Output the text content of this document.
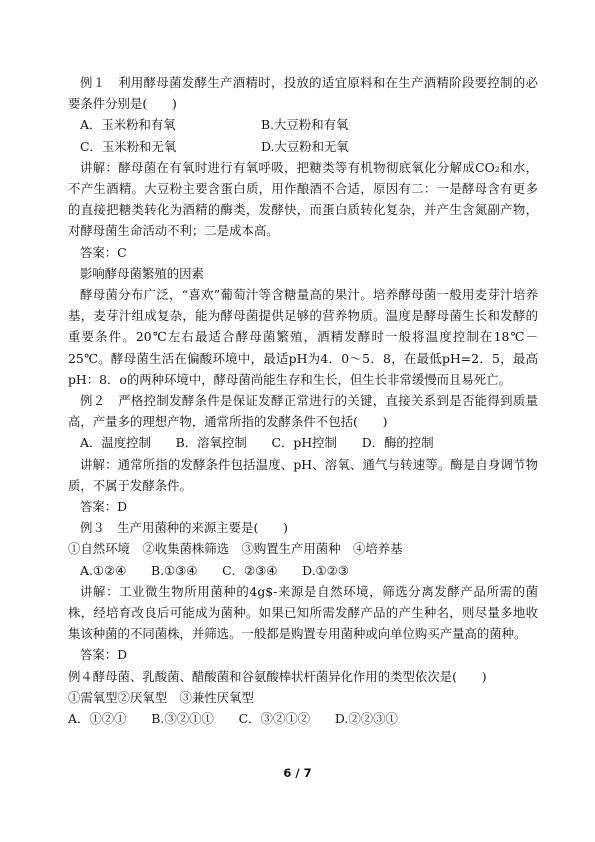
例１　利用酵母菌发酵生产酒精时，投放的适宜原料和在生产酒精阶段要控制的必要条件分别是(　　)

A．玉米粉和有氧	B.大豆粉和有氧

C．玉米粉和无氧	D.大豆粉和无氧

讲解：酵母菌在有氧时进行有氧呼吸，把糖类等有机物彻底氧化分解成CO₂和水，不产生酒精。大豆粉主要含蛋白质，用作酿酒不合适，原因有二：一是酵母含有更多的直接把糖类转化为酒精的酶类，发酵快，而蛋白质转化复杂，并产生含氮副产物，对酵母菌生命活动不利；二是成本高。

答案：C

影响酵母菌繁殖的因素

酵母菌分布广泛，“喜欢”葡萄汁等含糖量高的果汁。培养酵母菌一般用麦芽汁培养基，麦芽汁组成复杂，能为酵母菌提供足够的营养物质。温度是酵母菌生长和发酵的重要条件。20℃左右最适合酵母菌繁殖，酒精发酵时一般将温度控制在18℃－25℃。酵母菌生活在偏酸环境中，最适pH为4．0～5．8，在最低pH=2．5，最高pH：8．o的两种环境中，酵母菌尚能生存和生长，但生长非常缓慢而且易死亡。

例２　严格控制发酵条件是保证发酵正常进行的关键，直接关系到是否能得到质量高，产量多的理想产物，通常所指的发酵条件不包括(　　)

A．温度控制　　B．溶氧控制　　C．pH控制　　D．酶的控制

讲解：通常所指的发酵条件包括温度、pH、溶氧、通气与转速等。酶是自身调节物质，不属于发酵条件。

答案：D

例３　生产用菌种的来源主要是(　　)

①自然环境　②收集菌株筛选　③购置生产用菌种　④培养基

A.①②④　　B.①③④　　C．②③④　　D.①②③

讲解：工业微生物所用菌种的4g$-来源是自然环境，筛选分离发酵产品所需的菌株，经培育改良后可能成为菌种。如果已知所需发酵产品的产生种名，则尽量多地收集该种菌的不同菌株，并筛选。一般都是购置专用菌种或向单位购买产量高的菌种。

答案：D

例４酵母菌、乳酸菌、醋酸菌和谷氨酸棒状杆菌异化作用的类型依次是(　　)

①需氧型②厌氧型　③兼性厌氧型

A．①②①　　B.③②①①　　C．③②①②　　D.②②③①

6 / 7
